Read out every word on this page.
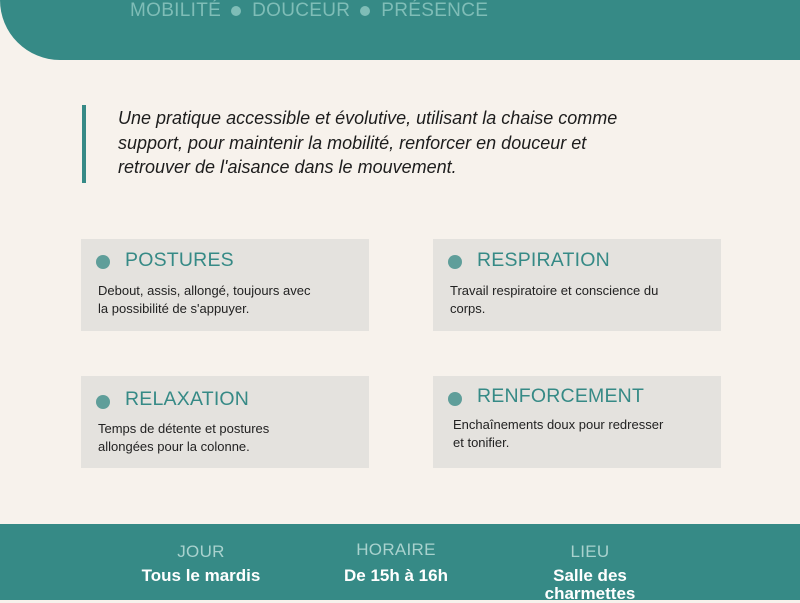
MOBILITÉ DOUCEUR PRÉSENCE
Une pratique accessible et évolutive, utilisant la chaise comme
support, pour maintenir la mobilité, renforcer en douceur et
retrouver de l'aisance dans le mouvement.
POSTURES
Debout, assis, allongé, toujours avec
la possibilité de s'appuyer.
RESPIRATION
Travail respiratoire et conscience du
corps.
RELAXATION
Temps de détente et postures
allongées pour la colonne.
RENFORCEMENT
Enchaînements doux pour redresser
et tonifier.
JOUR
Tous le mardis
HORAIRE
De 15h à 16h
LIEU
Salle des
charmettes
